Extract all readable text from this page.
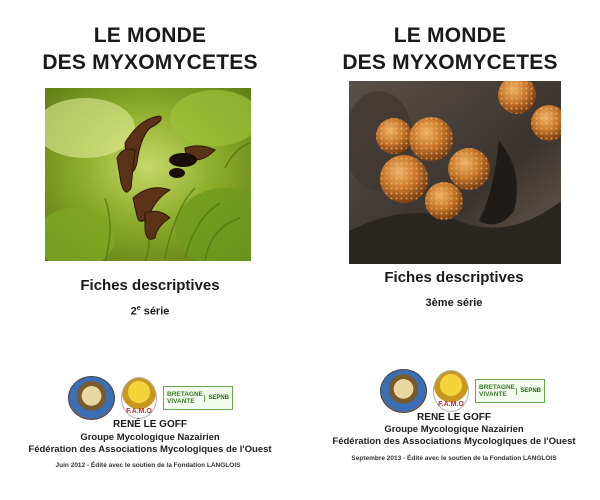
LE MONDE
DES MYXOMYCETES
Fiches descriptives
2e série
F.A.M.O
BRETAGNE VIVANTE
SEPNB
RENÉ LE GOFF
Groupe Mycologique Nazairien
Fédération des Associations Mycologiques de l'Ouest
Juin 2012 - Édité avec le soutien de la Fondation LANGLOIS
LE MONDE
DES MYXOMYCETES
Fiches descriptives
3ème série
F.A.M.O
BRETAGNE VIVANTE
SEPNB
RENE LE GOFF
Groupe Mycologique Nazairien
Fédération des Associations Mycologiques de l'Ouest
Septembre 2013 - Édité avec le soutien de la Fondation LANGLOIS
